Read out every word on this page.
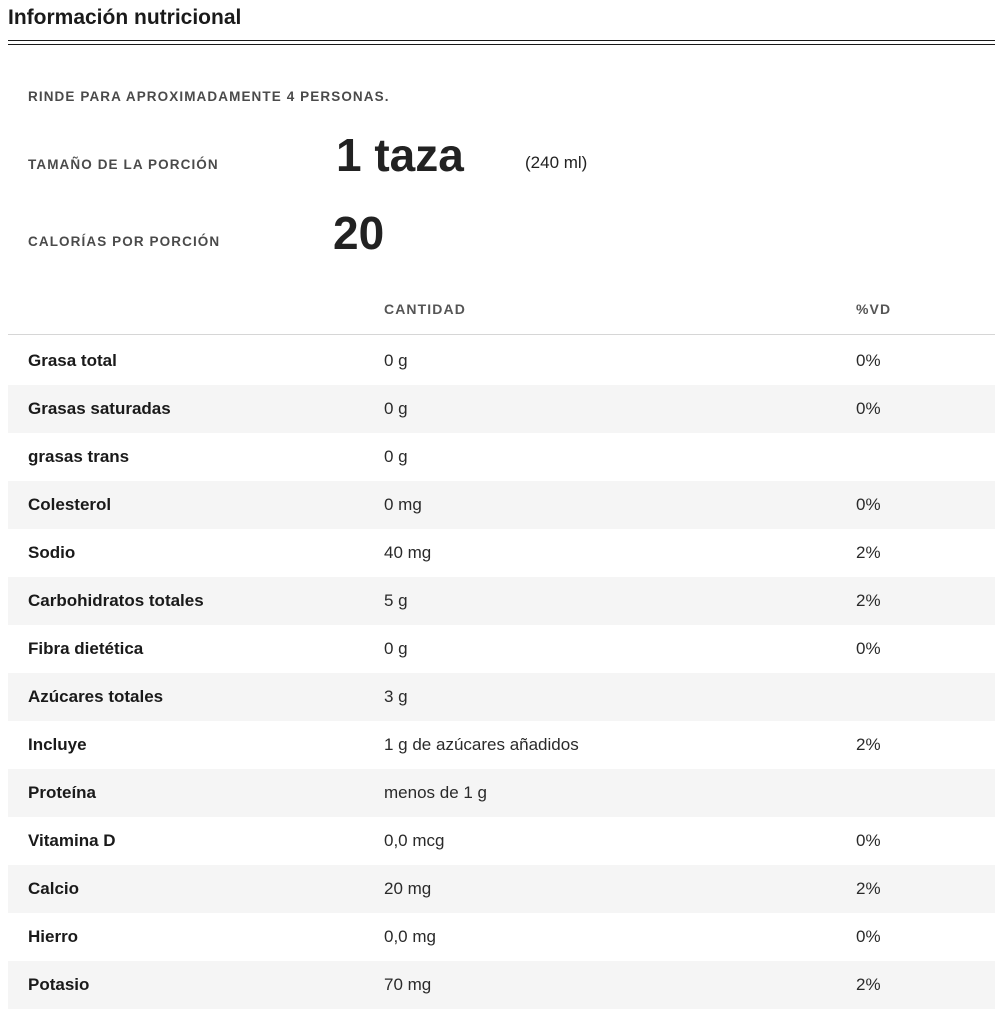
Información nutricional
RINDE PARA APROXIMADAMENTE 4 PERSONAS.
TAMAÑO DE LA PORCIÓN	1 taza	(240 ml)
CALORÍAS POR PORCIÓN 20
CANTIDAD	%VD
Grasa total	0 g	0%
Grasas saturadas	0 g	0%
grasas trans	0 g	
Colesterol	0 mg	0%
Sodio	40 mg	2%
Carbohidratos totales	5 g	2%
Fibra dietética	0 g	0%
Azúcares totales	3 g	
Incluye	1 g de azúcares añadidos	2%
Proteína	menos de 1 g	
Vitamina D	0,0 mcg	0%
Calcio	20 mg	2%
Hierro	0,0 mg	0%
Potasio	70 mg	2%
